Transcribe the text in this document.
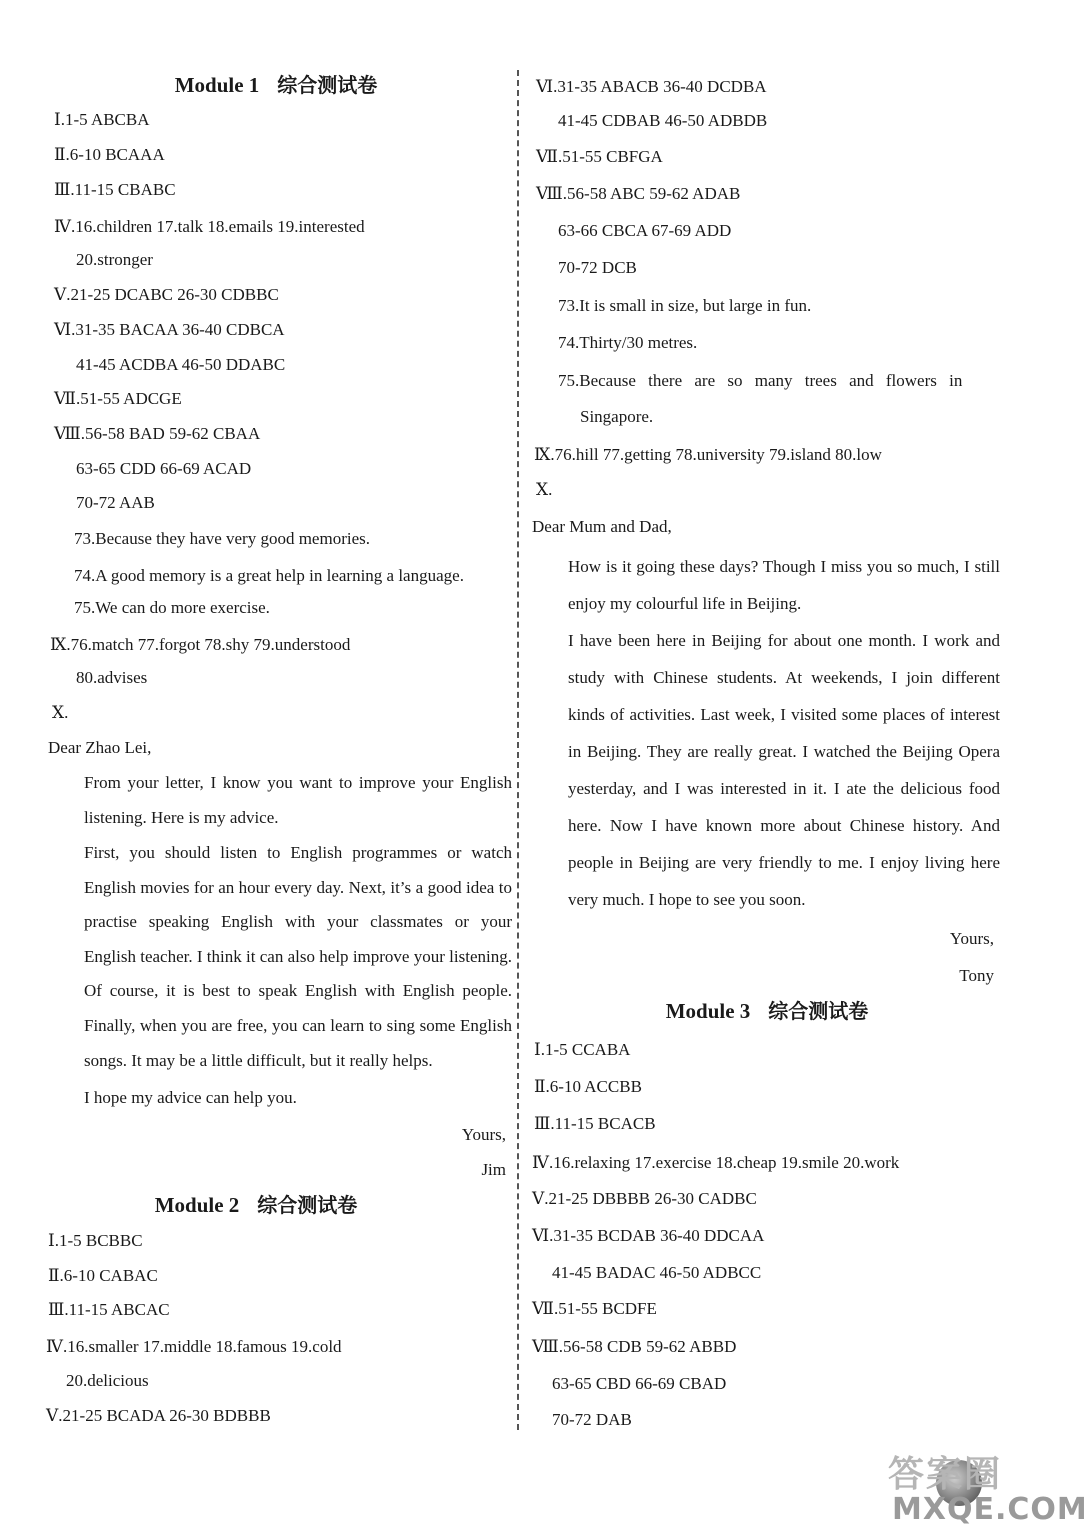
Module 1 综合测试卷
Ⅰ.1-5 ABCBA
Ⅱ.6-10 BCAAA
Ⅲ.11-15 CBABC
Ⅳ.16.children 17.talk 18.emails 19.interested
20.stronger
Ⅴ.21-25 DCABC 26-30 CDBBC
Ⅵ.31-35 BACAA 36-40 CDBCA
41-45 ACDBA 46-50 DDABC
Ⅶ.51-55 ADCGE
Ⅷ.56-58 BAD 59-62 CBAA
63-65 CDD 66-69 ACAD
70-72 AAB
73.Because they have very good memories.
74.A good memory is a great help in learning a language.
75.We can do more exercise.
Ⅸ.76.match 77.forgot 78.shy 79.understood
80.advises
Ⅹ.
Dear Zhao Lei,
From your letter, I know you want to improve your English listening. Here is my advice.
First, you should listen to English programmes or watch English movies for an hour every day. Next, it’s a good idea to practise speaking English with your classmates or your English teacher. I think it can also help improve your listening. Of course, it is best to speak English with English people. Finally, when you are free, you can learn to sing some English songs. It may be a little difficult, but it really helps.
I hope my advice can help you.
Yours,
Jim
Module 2 综合测试卷
Ⅰ.1-5 BCBBC
Ⅱ.6-10 CABAC
Ⅲ.11-15 ABCAC
Ⅳ.16.smaller 17.middle 18.famous 19.cold
20.delicious
Ⅴ.21-25 BCADA 26-30 BDBBB
Ⅵ.31-35 ABACB 36-40 DCDBA
41-45 CDBAB 46-50 ADBDB
Ⅶ.51-55 CBFGA
Ⅷ.56-58 ABC 59-62 ADAB
63-66 CBCA 67-69 ADD
70-72 DCB
73.It is small in size, but large in fun.
74.Thirty/30 metres.
75.Because there are so many trees and flowers in
Singapore.
Ⅸ.76.hill 77.getting 78.university 79.island 80.low
Ⅹ.
Dear Mum and Dad,
How is it going these days? Though I miss you so much, I still enjoy my colourful life in Beijing.
I have been here in Beijing for about one month. I work and study with Chinese students. At weekends, I join different kinds of activities. Last week, I visited some places of interest in Beijing. They are really great. I watched the Beijing Opera yesterday, and I was interested in it. I ate the delicious food here. Now I have known more about Chinese history. And people in Beijing are very friendly to me. I enjoy living here very much. I hope to see you soon.
Yours,
Tony
Module 3 综合测试卷
Ⅰ.1-5 CCABA
Ⅱ.6-10 ACCBB
Ⅲ.11-15 BCACB
Ⅳ.16.relaxing 17.exercise 18.cheap 19.smile 20.work
Ⅴ.21-25 DBBBB 26-30 CADBC
Ⅵ.31-35 BCDAB 36-40 DDCAA
41-45 BADAC 46-50 ADBCC
Ⅶ.51-55 BCDFE
Ⅷ.56-58 CDB 59-62 ABBD
63-65 CBD 66-69 CBAD
70-72 DAB
答案圈
MXQE.COM
